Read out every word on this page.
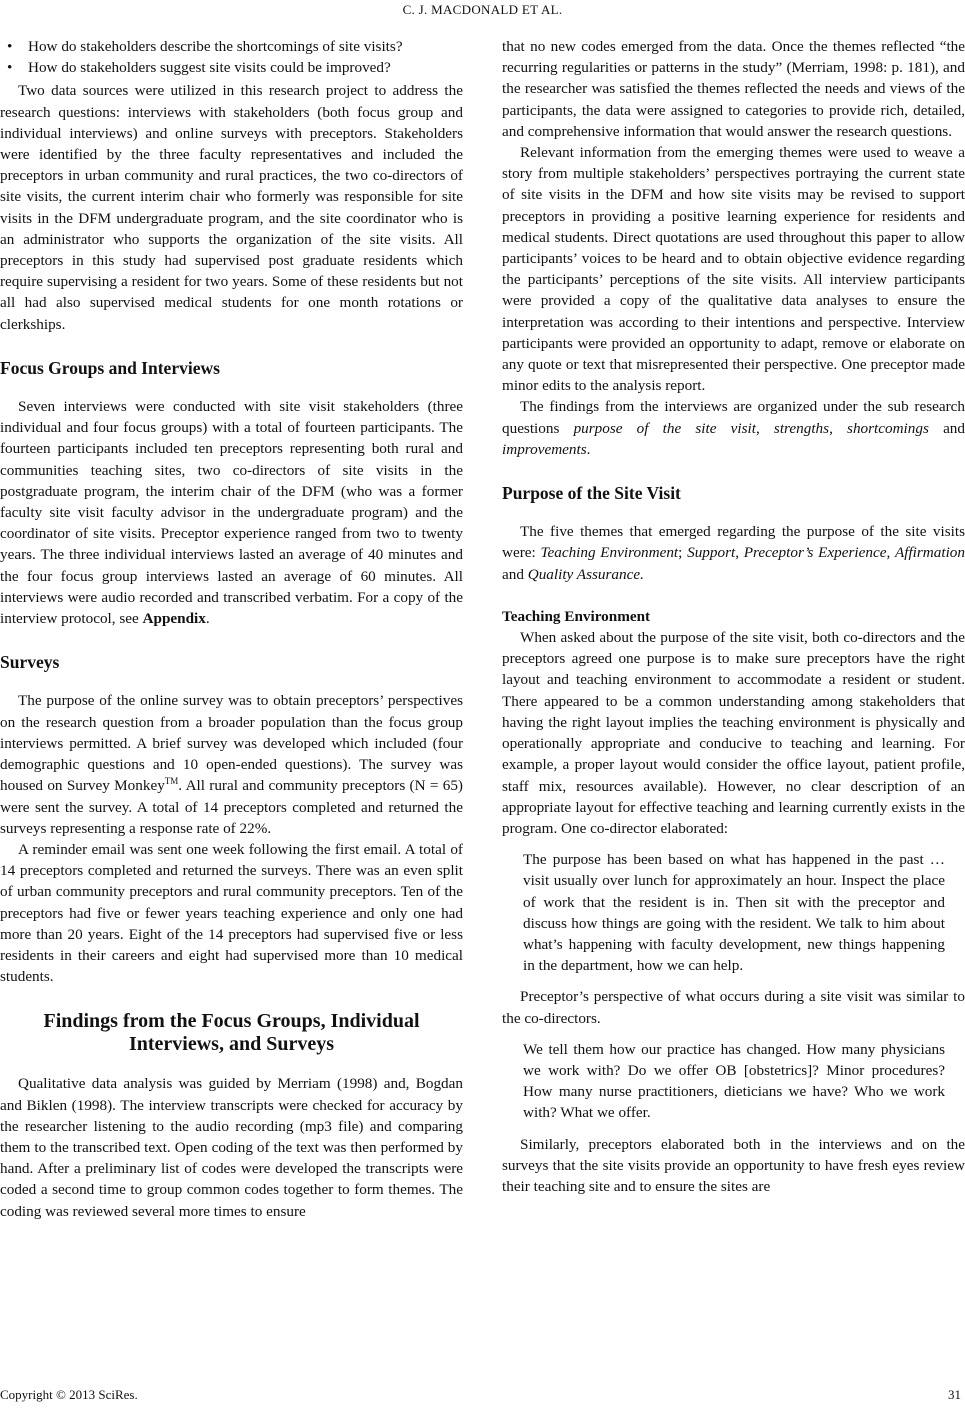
C. J. MACDONALD ET AL.
• How do stakeholders describe the shortcomings of site visits?
• How do stakeholders suggest site visits could be improved?

Two data sources were utilized in this research project to address the research questions: interviews with stakeholders (both focus group and individual interviews) and online surveys with preceptors. Stakeholders were identified by the three faculty representatives and included the preceptors in urban community and rural practices, the two co-directors of site visits, the current interim chair who formerly was responsible for site visits in the DFM undergraduate program, and the site coordinator who is an administrator who supports the organization of the site visits. All preceptors in this study had supervised post graduate residents which require supervising a resident for two years. Some of these residents but not all had also supervised medical students for one month rotations or clerkships.

Focus Groups and Interviews

Seven interviews were conducted with site visit stakeholders (three individual and four focus groups) with a total of fourteen participants. The fourteen participants included ten preceptors representing both rural and communities teaching sites, two co-directors of site visits in the postgraduate program, the interim chair of the DFM (who was a former faculty site visit faculty advisor in the undergraduate program) and the coordinator of site visits. Preceptor experience ranged from two to twenty years. The three individual interviews lasted an average of 40 minutes and the four focus group interviews lasted an average of 60 minutes. All interviews were audio recorded and transcribed verbatim. For a copy of the interview protocol, see Appendix.

Surveys

The purpose of the online survey was to obtain preceptors’ perspectives on the research question from a broader population than the focus group interviews permitted. A brief survey was developed which included (four demographic questions and 10 open-ended questions). The survey was housed on Survey Monkey™. All rural and community preceptors (N = 65) were sent the survey. A total of 14 preceptors completed and returned the surveys representing a response rate of 22%.

A reminder email was sent one week following the first email. A total of 14 preceptors completed and returned the surveys. There was an even split of urban community preceptors and rural community preceptors. Ten of the preceptors had five or fewer years teaching experience and only one had more than 20 years. Eight of the 14 preceptors had supervised five or less residents in their careers and eight had supervised more than 10 medical students.

Findings from the Focus Groups, Individual
Interviews, and Surveys

Qualitative data analysis was guided by Merriam (1998) and, Bogdan and Biklen (1998). The interview transcripts were checked for accuracy by the researcher listening to the audio recording (mp3 file) and comparing them to the transcribed text. Open coding of the text was then performed by hand. After a preliminary list of codes were developed the transcripts were coded a second time to group common codes together to form themes. The coding was reviewed several more times to ensure

that no new codes emerged from the data. Once the themes reflected “the recurring regularities or patterns in the study” (Merriam, 1998: p. 181), and the researcher was satisfied the themes reflected the needs and views of the participants, the data were assigned to categories to provide rich, detailed, and comprehensive information that would answer the research questions.

Relevant information from the emerging themes were used to weave a story from multiple stakeholders’ perspectives portraying the current state of site visits in the DFM and how site visits may be revised to support preceptors in providing a positive learning experience for residents and medical students. Direct quotations are used throughout this paper to allow participants’ voices to be heard and to obtain objective evidence regarding the participants’ perceptions of the site visits. All interview participants were provided a copy of the qualitative data analyses to ensure the interpretation was according to their intentions and perspective. Interview participants were provided an opportunity to adapt, remove or elaborate on any quote or text that misrepresented their perspective. One preceptor made minor edits to the analysis report.

The findings from the interviews are organized under the sub research questions purpose of the site visit, strengths, shortcomings and improvements.

Purpose of the Site Visit

The five themes that emerged regarding the purpose of the site visits were: Teaching Environment; Support, Preceptor’s Experience, Affirmation and Quality Assurance.

Teaching Environment

When asked about the purpose of the site visit, both co-directors and the preceptors agreed one purpose is to make sure preceptors have the right layout and teaching environment to accommodate a resident or student. There appeared to be a common understanding among stakeholders that having the right layout implies the teaching environment is physically and operationally appropriate and conducive to teaching and learning. For example, a proper layout would consider the office layout, patient profile, staff mix, resources available). However, no clear description of an appropriate layout for effective teaching and learning currently exists in the program. One co-director elaborated:

The purpose has been based on what has happened in the past … visit usually over lunch for approximately an hour. Inspect the place of work that the resident is in. Then sit with the preceptor and discuss how things are going with the resident. We talk to him about what’s happening with faculty development, new things happening in the department, how we can help.

Preceptor’s perspective of what occurs during a site visit was similar to the co-directors.

We tell them how our practice has changed. How many physicians we work with? Do we offer OB [obstetrics]? Minor procedures? How many nurse practitioners, dieticians we have? Who we work with? What we offer.

Similarly, preceptors elaborated both in the interviews and on the surveys that the site visits provide an opportunity to have fresh eyes review their teaching site and to ensure the sites are

Copyright © 2013 SciRes.	31
